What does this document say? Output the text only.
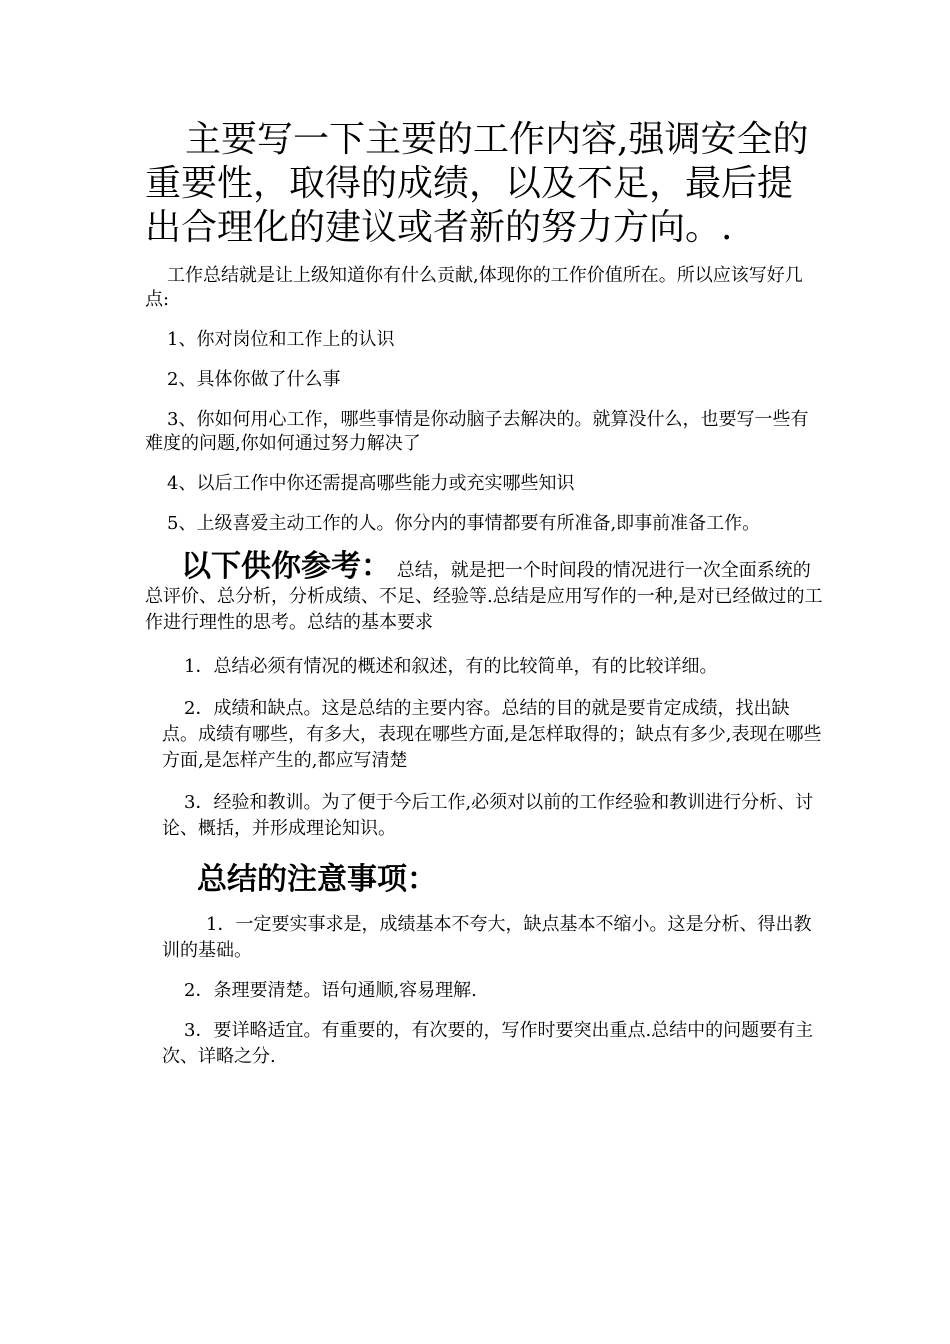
主要写一下主要的工作内容,强调安全的重要性，取得的成绩，以及不足，最后提出合理化的建议或者新的努力方向。.

工作总结就是让上级知道你有什么贡献,体现你的工作价值所在。所以应该写好几点:

1、你对岗位和工作上的认识

2、具体你做了什么事

3、你如何用心工作，哪些事情是你动脑子去解决的。就算没什么，也要写一些有难度的问题,你如何通过努力解决了

4、以后工作中你还需提高哪些能力或充实哪些知识

5、上级喜爱主动工作的人。你分内的事情都要有所准备,即事前准备工作。

以下供你参考： 总结，就是把一个时间段的情况进行一次全面系统的总评价、总分析，分析成绩、不足、经验等.总结是应用写作的一种,是对已经做过的工作进行理性的思考。总结的基本要求

1．总结必须有情况的概述和叙述，有的比较简单，有的比较详细。

2．成绩和缺点。这是总结的主要内容。总结的目的就是要肯定成绩，找出缺点。成绩有哪些，有多大，表现在哪些方面,是怎样取得的；缺点有多少,表现在哪些方面,是怎样产生的,都应写清楚

3．经验和教训。为了便于今后工作,必须对以前的工作经验和教训进行分析、讨论、概括，并形成理论知识。

总结的注意事项：

1．一定要实事求是，成绩基本不夸大，缺点基本不缩小。这是分析、得出教训的基础。

2．条理要清楚。语句通顺,容易理解.

3．要详略适宜。有重要的，有次要的，写作时要突出重点.总结中的问题要有主次、详略之分.
